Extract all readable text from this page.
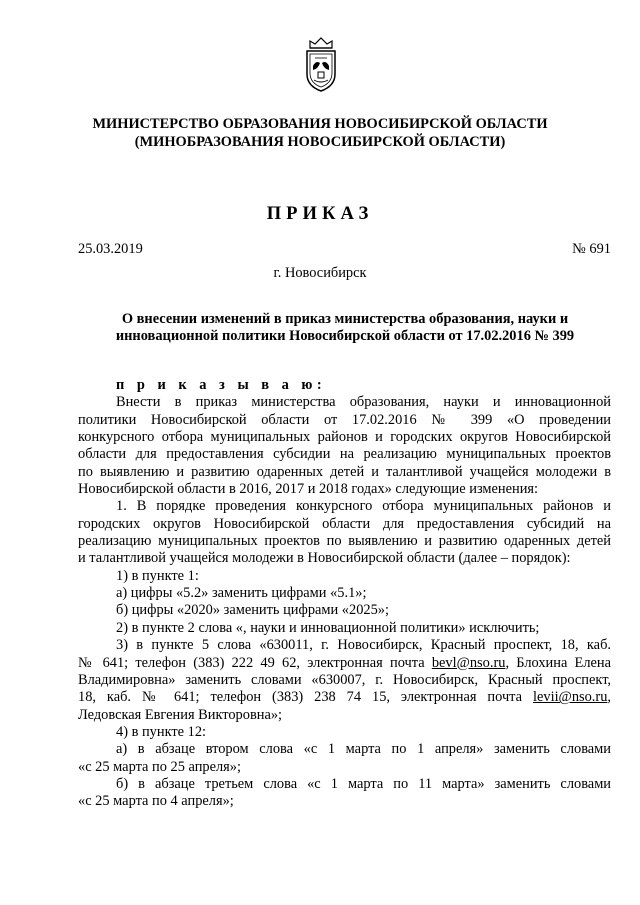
МИНИСТЕРСТВО ОБРАЗОВАНИЯ НОВОСИБИРСКОЙ ОБЛАСТИ
(МИНОБРАЗОВАНИЯ НОВОСИБИРСКОЙ ОБЛАСТИ)
ПРИКАЗ
25.03.2019	№ 691
г. Новосибирск
О внесении изменений в приказ министерства образования, науки и
инновационной политики Новосибирской области от 17.02.2016 № 399
п р и к а з ы в а ю:
Внести в приказ министерства образования, науки и инновационной
политики Новосибирской области от 17.02.2016 № 399 «О проведении
конкурсного отбора муниципальных районов и городских округов Новосибирской
области для предоставления субсидии на реализацию муниципальных проектов
по выявлению и развитию одаренных детей и талантливой учащейся молодежи в
Новосибирской области в 2016, 2017 и 2018 годах» следующие изменения:
1. В порядке проведения конкурсного отбора муниципальных районов и
городских округов Новосибирской области для предоставления субсидий на
реализацию муниципальных проектов по выявлению и развитию одаренных детей
и талантливой учащейся молодежи в Новосибирской области (далее – порядок):
1) в пункте 1:
а) цифры «5.2» заменить цифрами «5.1»;
б) цифры «2020» заменить цифрами «2025»;
2) в пункте 2 слова «, науки и инновационной политики» исключить;
3) в пункте 5 слова «630011, г. Новосибирск, Красный проспект, 18, каб.
№ 641; телефон (383) 222 49 62, электронная почта bevl@nso.ru, Блохина Елена
Владимировна» заменить словами «630007, г. Новосибирск, Красный проспект,
18, каб. № 641; телефон (383) 238 74 15, электронная почта levii@nso.ru,
Ледовская Евгения Викторовна»;
4) в пункте 12:
а) в абзаце втором слова «с 1 марта по 1 апреля» заменить словами
«с 25 марта по 25 апреля»;
б) в абзаце третьем слова «с 1 марта по 11 марта» заменить словами
«с 25 марта по 4 апреля»;
